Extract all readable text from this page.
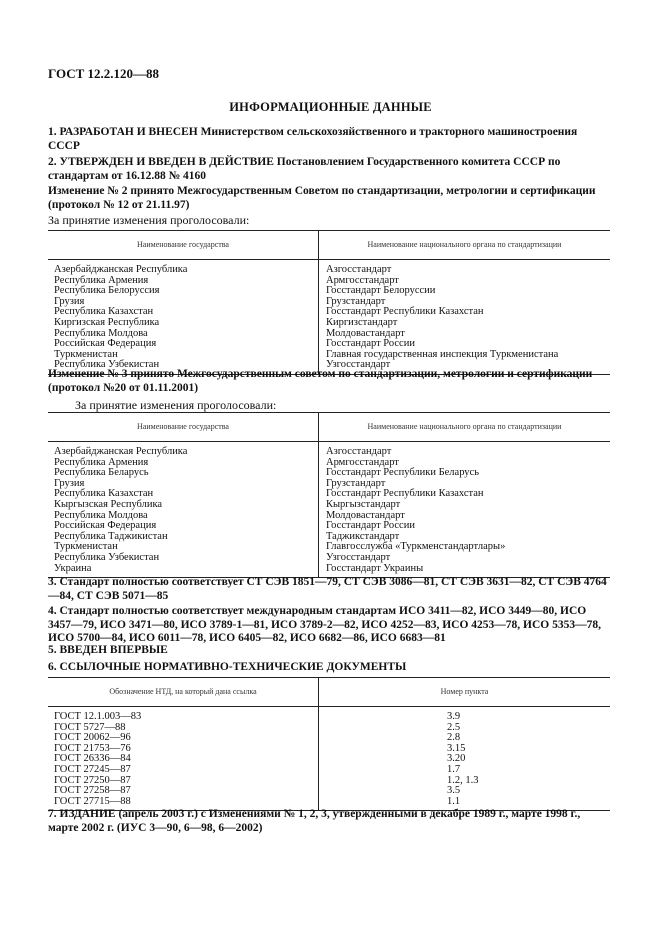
ГОСТ 12.2.120—88
ИНФОРМАЦИОННЫЕ ДАННЫЕ
1. РАЗРАБОТАН И ВНЕСЕН Министерством сельскохозяйственного и тракторного машиностроения СССР
2. УТВЕРЖДЕН И ВВЕДЕН В ДЕЙСТВИЕ Постановлением Государственного комитета СССР по стандартам от 16.12.88 № 4160
Изменение № 2 принято Межгосударственным Советом по стандартизации, метрологии и сертификации (протокол № 12 от 21.11.97)
За принятие изменения проголосовали:
Наименование государства	Наименование национального органа по стандартизации
Азербайджанская Республика	Азгосстандарт
Республика Армения	Армгосстандарт
Республика Белоруссия	Госстандарт Белоруссии
Грузия	Грузстандарт
Республика Казахстан	Госстандарт Республики Казахстан
Киргизская Республика	Киргизстандарт
Республика Молдова	Молдовастандарт
Российская Федерация	Госстандарт России
Туркменистан	Главная государственная инспекция Туркменистана
Республика Узбекистан	Узгосстандарт
Изменение № 3 принято Межгосударственным советом по стандартизации, метрологии и сертификации (протокол №20 от 01.11.2001)
За принятие изменения проголосовали:
Наименование государства	Наименование национального органа по стандартизации
Азербайджанская Республика	Азгосстандарт
Республика Армения	Армгосстандарт
Республика Беларусь	Госстандарт Республики Беларусь
Грузия	Грузстандарт
Республика Казахстан	Госстандарт Республики Казахстан
Кыргызская Республика	Кыргызстандарт
Республика Молдова	Молдовастандарт
Российская Федерация	Госстандарт России
Республика Таджикистан	Таджикстандарт
Туркменистан	Главгосслужба «Туркменстандартлары»
Республика Узбекистан	Узгосстандарт
Украина	Госстандарт Украины
3. Стандарт полностью соответствует СТ СЭВ 1851—79, СТ СЭВ 3086—81, СТ СЭВ 3631—82, СТ СЭВ 4764—84, СТ СЭВ 5071—85
4. Стандарт полностью соответствует международным стандартам ИСО 3411—82, ИСО 3449—80, ИСО 3457—79, ИСО 3471—80, ИСО 3789-1—81, ИСО 3789-2—82, ИСО 4252—83, ИСО 4253—78, ИСО 5353—78, ИСО 5700—84, ИСО 6011—78, ИСО 6405—82, ИСО 6682—86, ИСО 6683—81
5. ВВЕДЕН ВПЕРВЫЕ
6. ССЫЛОЧНЫЕ НОРМАТИВНО-ТЕХНИЧЕСКИЕ ДОКУМЕНТЫ
Обозначение НТД, на который дана ссылка	Номер пункта
ГОСТ 12.1.003—83	3.9
ГОСТ 5727—88	2.5
ГОСТ 20062—96	2.8
ГОСТ 21753—76	3.15
ГОСТ 26336—84	3.20
ГОСТ 27245—87	1.7
ГОСТ 27250—87	1.2, 1.3
ГОСТ 27258—87	3.5
ГОСТ 27715—88	1.1
7. ИЗДАНИЕ (апрель 2003 г.) с Изменениями № 1, 2, 3, утвержденными в декабре 1989 г., марте 1998 г., марте 2002 г. (ИУС 3—90, 6—98, 6—2002)
